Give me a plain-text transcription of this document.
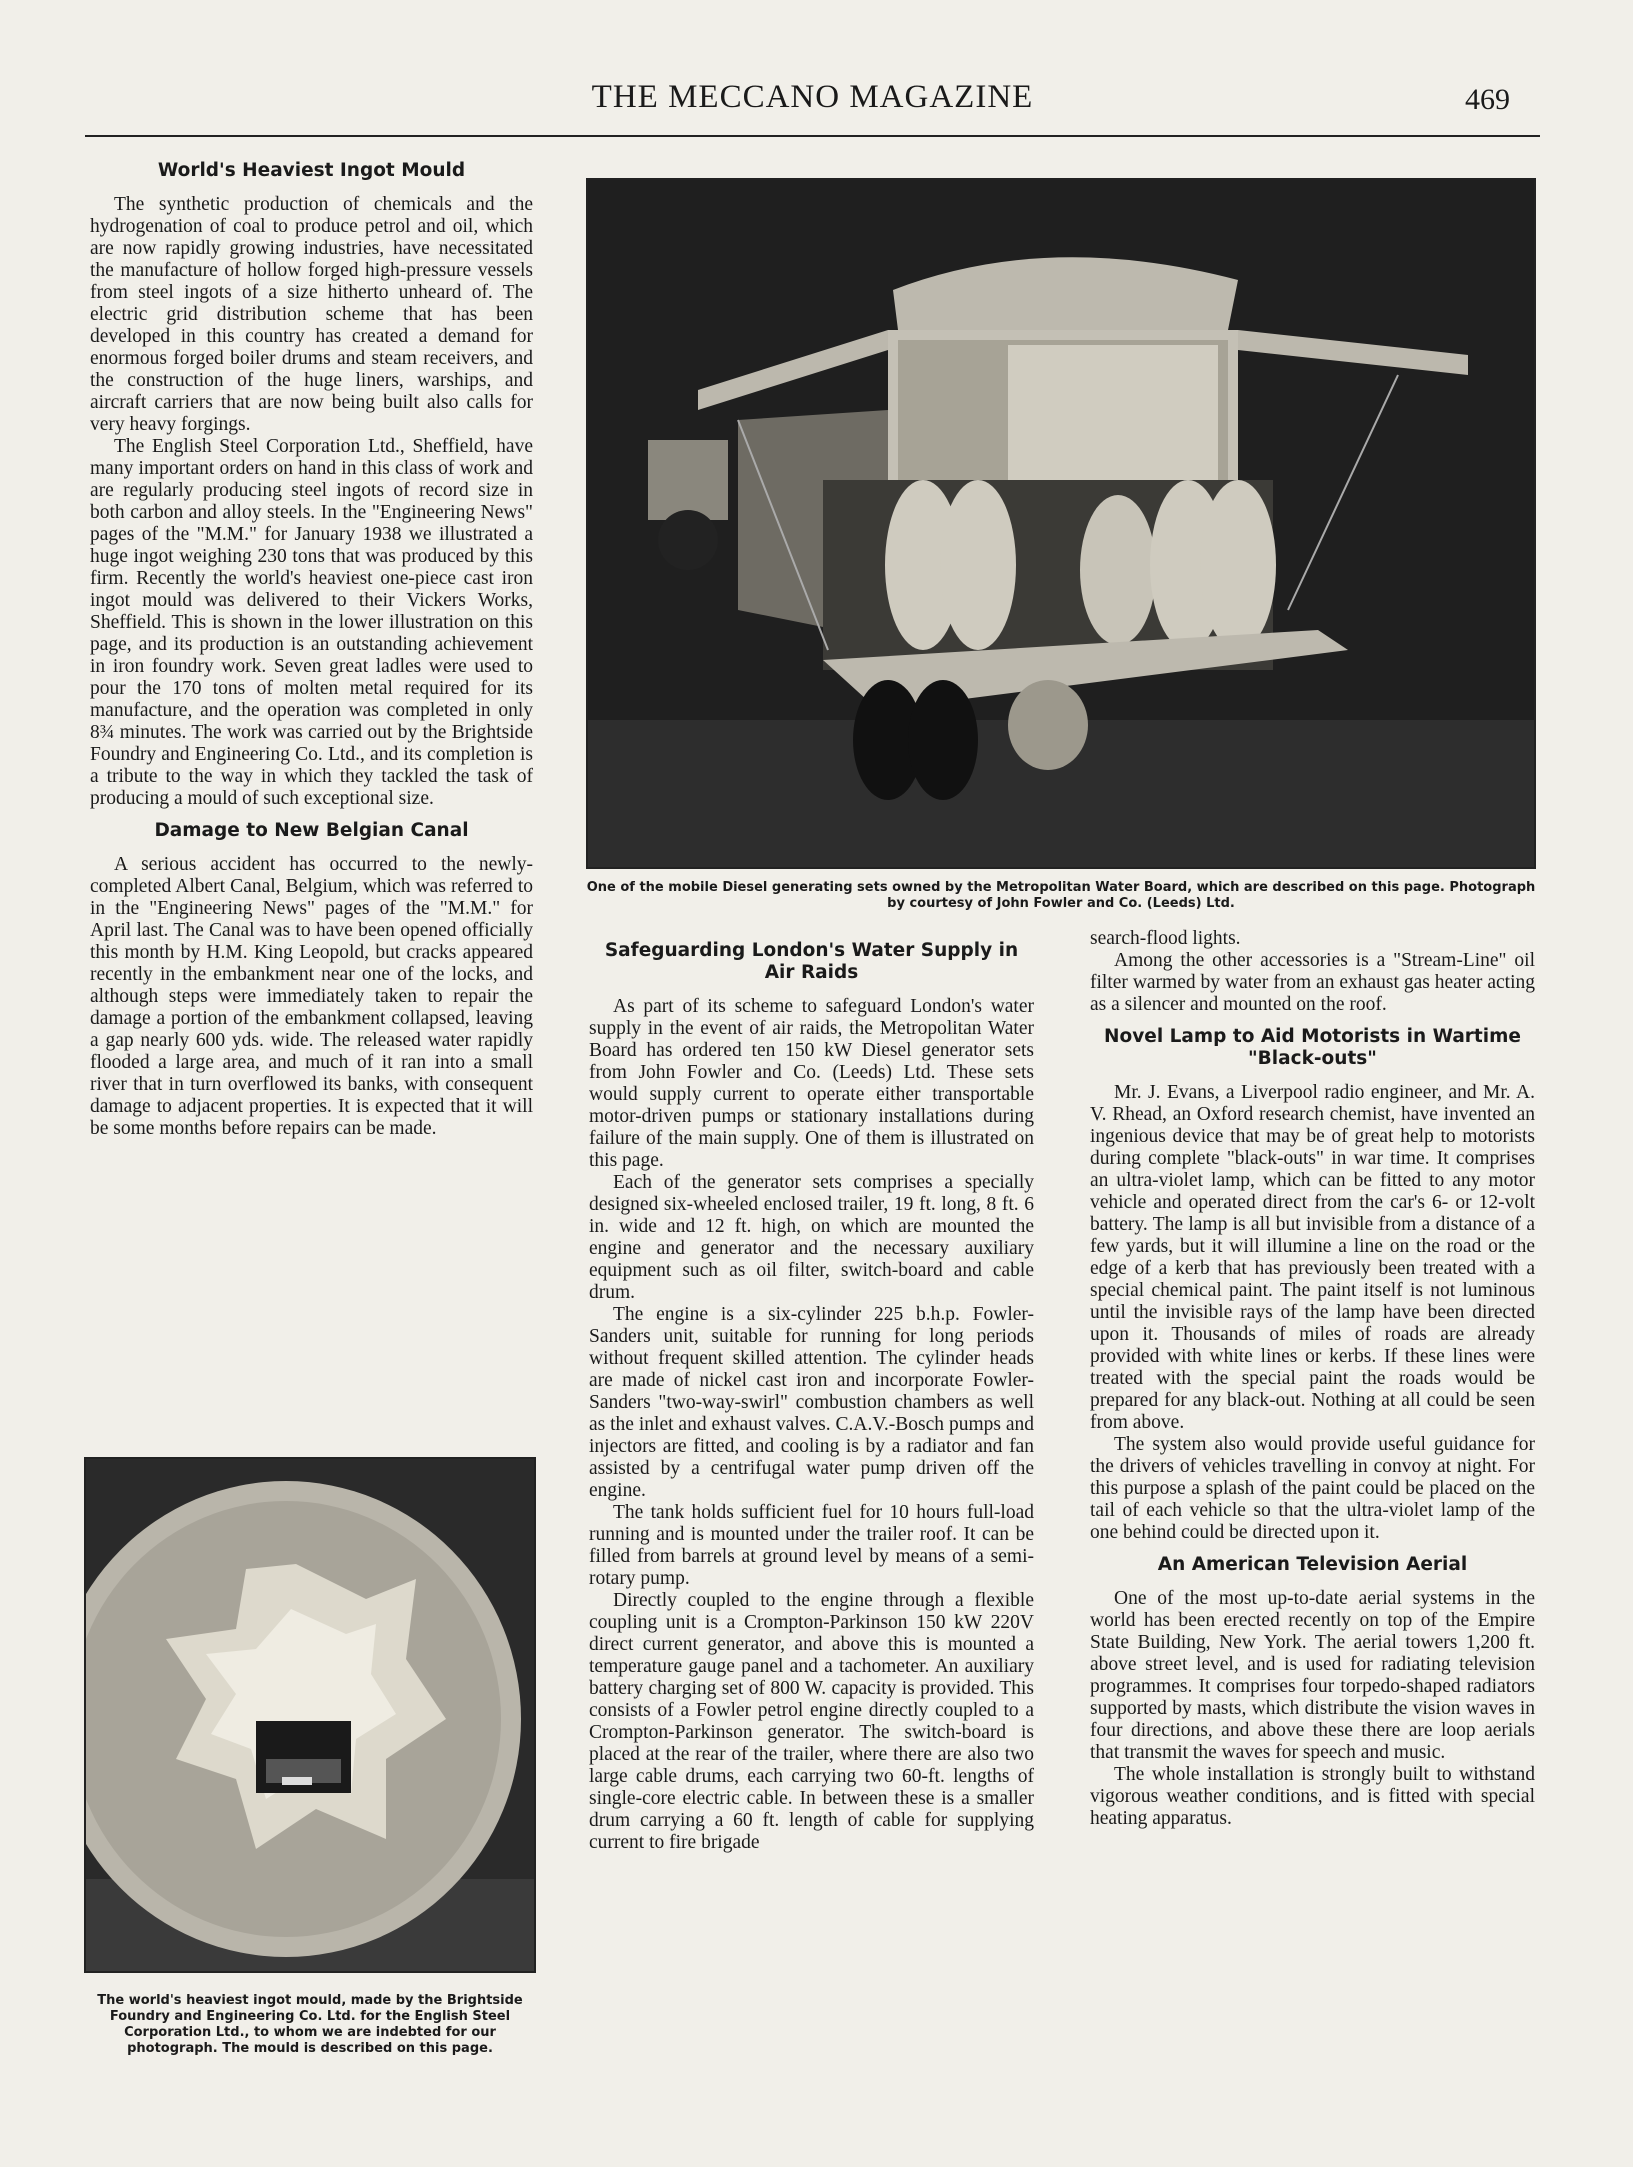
THE MECCANO MAGAZINE	469
World's Heaviest Ingot Mould

The synthetic production of chemicals and the hydrogenation of coal to produce petrol and oil, which are now rapidly growing industries, have necessitated the manufacture of hollow forged high-pressure vessels from steel ingots of a size hitherto unheard of. The electric grid distribution scheme that has been developed in this country has created a demand for enormous forged boiler drums and steam receivers, and the construction of the huge liners, warships, and aircraft carriers that are now being built also calls for very heavy forgings.

The English Steel Corporation Ltd., Sheffield, have many important orders on hand in this class of work and are regularly producing steel ingots of record size in both carbon and alloy steels. In the "Engineering News" pages of the "M.M." for January 1938 we illustrated a huge ingot weighing 230 tons that was produced by this firm. Recently the world's heaviest one-piece cast iron ingot mould was delivered to their Vickers Works, Sheffield. This is shown in the lower illustration on this page, and its production is an outstanding achievement in iron foundry work. Seven great ladles were used to pour the 170 tons of molten metal required for its manufacture, and the operation was completed in only 8¾ minutes. The work was carried out by the Brightside Foundry and Engineering Co. Ltd., and its completion is a tribute to the way in which they tackled the task of producing a mould of such exceptional size.

Damage to New Belgian Canal

A serious accident has occurred to the newly-completed Albert Canal, Belgium, which was referred to in the "Engineering News" pages of the "M.M." for April last. The Canal was to have been opened officially this month by H.M. King Leopold, but cracks appeared recently in the embankment near one of the locks, and although steps were immediately taken to repair the damage a portion of the embankment collapsed, leaving a gap nearly 600 yds. wide. The released water rapidly flooded a large area, and much of it ran into a small river that in turn overflowed its banks, with consequent damage to adjacent properties. It is expected that it will be some months before repairs can be made.

The world's heaviest ingot mould, made by the Brightside Foundry and Engineering Co. Ltd. for the English Steel Corporation Ltd., to whom we are indebted for our photograph. The mould is described on this page.
One of the mobile Diesel generating sets owned by the Metropolitan Water Board, which are described on this page. Photograph by courtesy of John Fowler and Co. (Leeds) Ltd.
Safeguarding London's Water Supply in Air Raids

As part of its scheme to safeguard London's water supply in the event of air raids, the Metropolitan Water Board has ordered ten 150 kW Diesel generator sets from John Fowler and Co. (Leeds) Ltd. These sets would supply current to operate either transportable motor-driven pumps or stationary installations during failure of the main supply. One of them is illustrated on this page.

Each of the generator sets comprises a specially designed six-wheeled enclosed trailer, 19 ft. long, 8 ft. 6 in. wide and 12 ft. high, on which are mounted the engine and generator and the necessary auxiliary equipment such as oil filter, switch-board and cable drum.

The engine is a six-cylinder 225 b.h.p. Fowler-Sanders unit, suitable for running for long periods without frequent skilled attention. The cylinder heads are made of nickel cast iron and incorporate Fowler-Sanders "two-way-swirl" combustion chambers as well as the inlet and exhaust valves. C.A.V.-Bosch pumps and injectors are fitted, and cooling is by a radiator and fan assisted by a centrifugal water pump driven off the engine.

The tank holds sufficient fuel for 10 hours full-load running and is mounted under the trailer roof. It can be filled from barrels at ground level by means of a semi-rotary pump.

Directly coupled to the engine through a flexible coupling unit is a Crompton-Parkinson 150 kW 220V direct current generator, and above this is mounted a temperature gauge panel and a tachometer. An auxiliary battery charging set of 800 W. capacity is provided. This consists of a Fowler petrol engine directly coupled to a Crompton-Parkinson generator. The switch-board is placed at the rear of the trailer, where there are also two large cable drums, each carrying two 60-ft. lengths of single-core electric cable. In between these is a smaller drum carrying a 60 ft. length of cable for supplying current to fire brigade

search-flood lights.

Among the other accessories is a "Stream-Line" oil filter warmed by water from an exhaust gas heater acting as a silencer and mounted on the roof.

Novel Lamp to Aid Motorists in Wartime "Black-outs"

Mr. J. Evans, a Liverpool radio engineer, and Mr. A. V. Rhead, an Oxford research chemist, have invented an ingenious device that may be of great help to motorists during complete "black-outs" in war time. It comprises an ultra-violet lamp, which can be fitted to any motor vehicle and operated direct from the car's 6- or 12-volt battery. The lamp is all but invisible from a distance of a few yards, but it will illumine a line on the road or the edge of a kerb that has previously been treated with a special chemical paint. The paint itself is not luminous until the invisible rays of the lamp have been directed upon it. Thousands of miles of roads are already provided with white lines or kerbs. If these lines were treated with the special paint the roads would be prepared for any black-out. Nothing at all could be seen from above.

The system also would provide useful guidance for the drivers of vehicles travelling in convoy at night. For this purpose a splash of the paint could be placed on the tail of each vehicle so that the ultra-violet lamp of the one behind could be directed upon it.

An American Television Aerial

One of the most up-to-date aerial systems in the world has been erected recently on top of the Empire State Building, New York. The aerial towers 1,200 ft. above street level, and is used for radiating television programmes. It comprises four torpedo-shaped radiators supported by masts, which distribute the vision waves in four directions, and above these there are loop aerials that transmit the waves for speech and music.

The whole installation is strongly built to withstand vigorous weather conditions, and is fitted with special heating apparatus.
